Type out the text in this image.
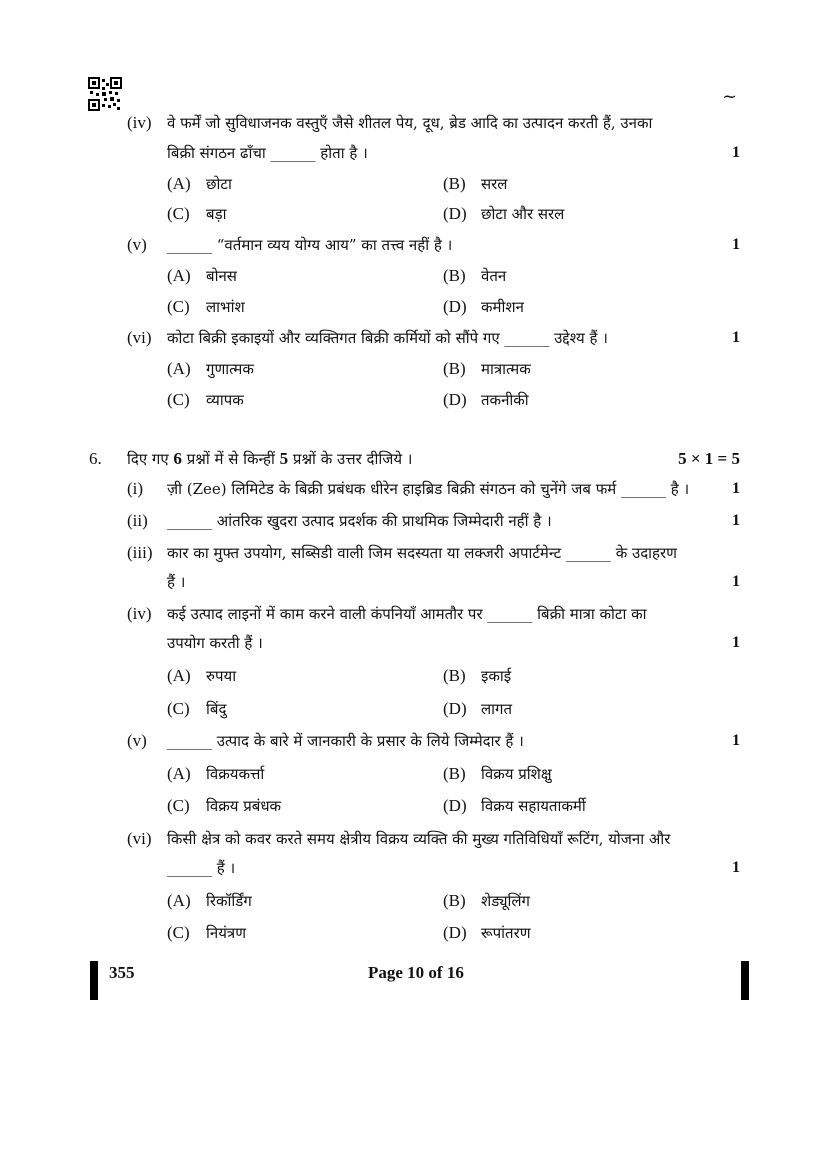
~
(iv) वे फर्में जो सुविधाजनक वस्तुएँ जैसे शीतल पेय, दूध, ब्रेड आदि का उत्पादन करती हैं, उनका
बिक्री संगठन ढाँचा ______ होता है ।	1
(A) छोटा	(B) सरल
(C) बड़ा	(D) छोटा और सरल
(v) ______ “वर्तमान व्यय योग्य आय” का तत्त्व नहीं है ।	1
(A) बोनस	(B) वेतन
(C) लाभांश	(D) कमीशन
(vi) कोटा बिक्री इकाइयों और व्यक्तिगत बिक्री कर्मियों को सौंपे गए ______ उद्देश्य हैं ।	1
(A) गुणात्मक	(B) मात्रात्मक
(C) व्यापक	(D) तकनीकी
6. दिए गए 6 प्रश्नों में से किन्हीं 5 प्रश्नों के उत्तर दीजिये ।	5 × 1 = 5
(i) ज़ी (Zee) लिमिटेड के बिक्री प्रबंधक धीरेन हाइब्रिड बिक्री संगठन को चुनेंगे जब फर्म ______ है ।	1
(ii) ______ आंतरिक खुदरा उत्पाद प्रदर्शक की प्राथमिक जिम्मेदारी नहीं है ।	1
(iii) कार का मुफ्त उपयोग, सब्सिडी वाली जिम सदस्यता या लक्जरी अपार्टमेन्ट ______ के उदाहरण
हैं ।	1
(iv) कई उत्पाद लाइनों में काम करने वाली कंपनियाँ आमतौर पर ______ बिक्री मात्रा कोटा का
उपयोग करती हैं ।	1
(A) रुपया	(B) इकाई
(C) बिंदु	(D) लागत
(v) ______ उत्पाद के बारे में जानकारी के प्रसार के लिये जिम्मेदार हैं ।	1
(A) विक्रयकर्त्ता	(B) विक्रय प्रशिक्षु
(C) विक्रय प्रबंधक	(D) विक्रय सहायताकर्मी
(vi) किसी क्षेत्र को कवर करते समय क्षेत्रीय विक्रय व्यक्ति की मुख्य गतिविधियाँ रूटिंग, योजना और
______ हैं ।	1
(A) रिकॉर्डिंग	(B) शेड्यूलिंग
(C) नियंत्रण	(D) रूपांतरण
355	Page 10 of 16
